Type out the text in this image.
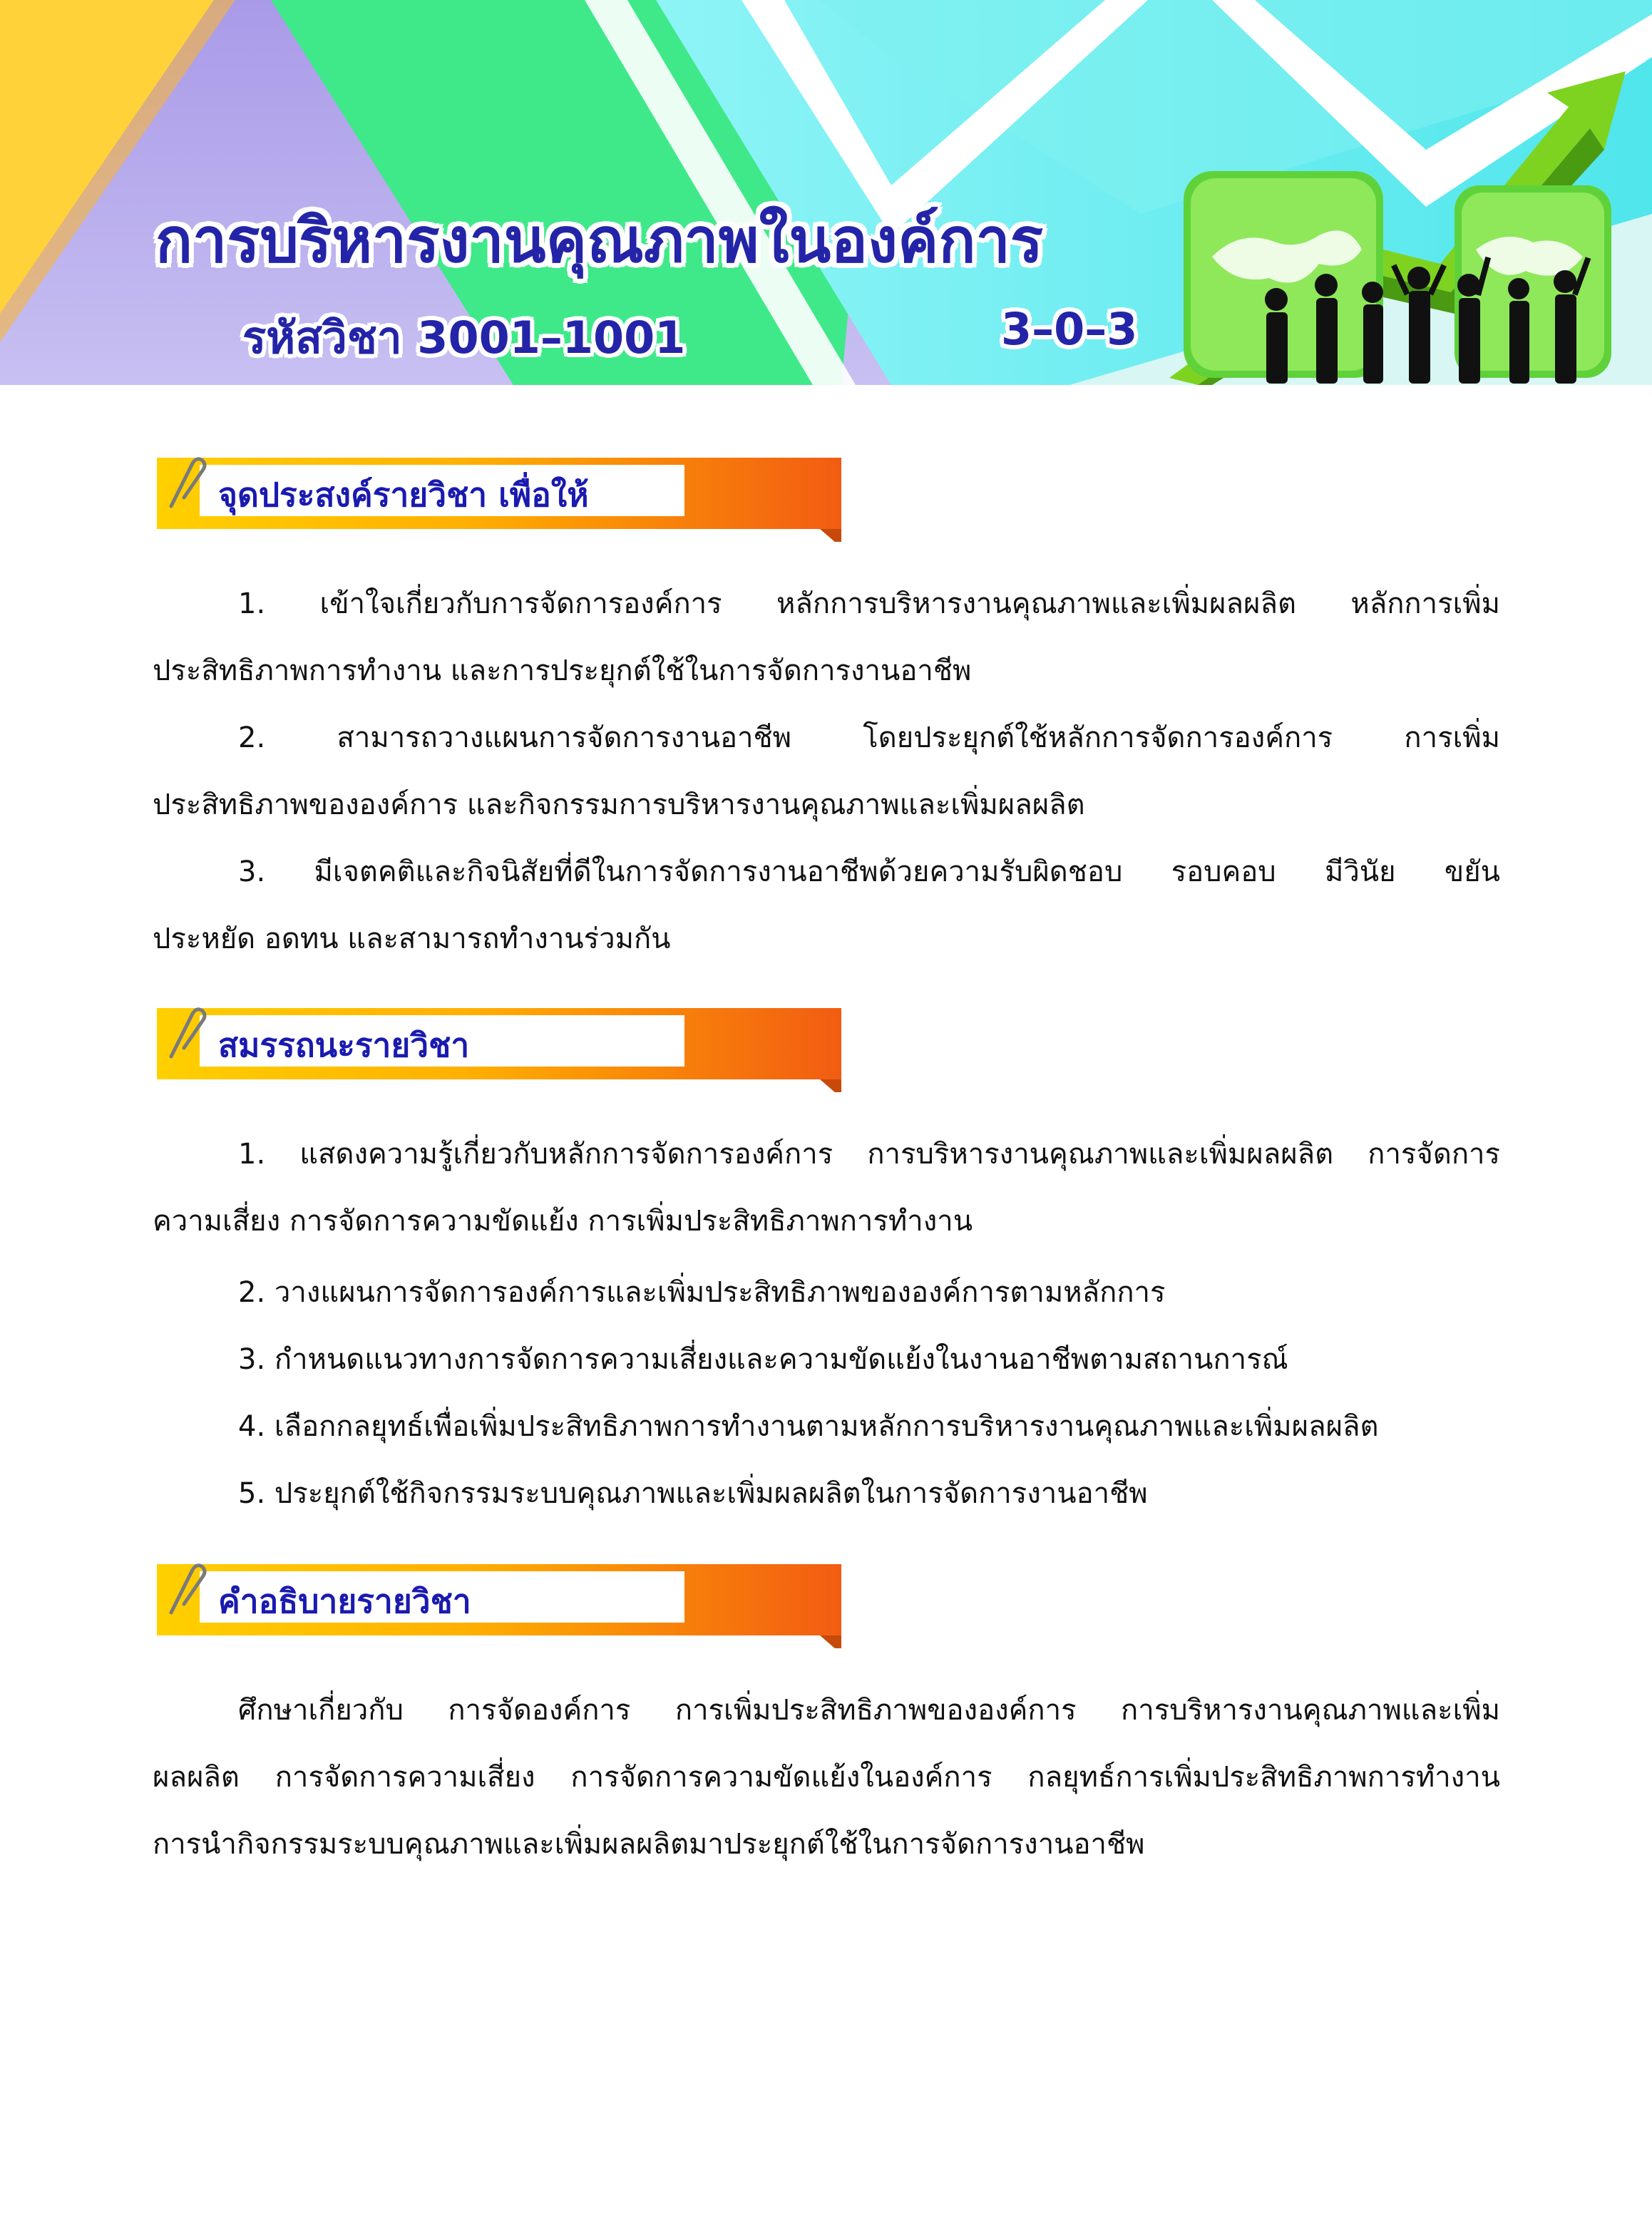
การบริหารงานคุณภาพในองค์การ
รหัสวิชา 3001–1001	3–0–3
จุดประสงค์รายวิชา เพื่อให้
1. เข้าใจเกี่ยวกับการจัดการองค์การ หลักการบริหารงานคุณภาพและเพิ่มผลผลิต หลักการเพิ่ม
ประสิทธิภาพการทำงาน และการประยุกต์ใช้ในการจัดการงานอาชีพ
2. สามารถวางแผนการจัดการงานอาชีพ โดยประยุกต์ใช้หลักการจัดการองค์การ การเพิ่ม
ประสิทธิภาพขององค์การ และกิจกรรมการบริหารงานคุณภาพและเพิ่มผลผลิต
3. มีเจตคติและกิจนิสัยที่ดีในการจัดการงานอาชีพด้วยความรับผิดชอบ รอบคอบ มีวินัย ขยัน
ประหยัด อดทน และสามารถทำงานร่วมกัน
สมรรถนะรายวิชา
1. แสดงความรู้เกี่ยวกับหลักการจัดการองค์การ การบริหารงานคุณภาพและเพิ่มผลผลิต การจัดการ
ความเสี่ยง การจัดการความขัดแย้ง การเพิ่มประสิทธิภาพการทำงาน
2. วางแผนการจัดการองค์การและเพิ่มประสิทธิภาพขององค์การตามหลักการ
3. กำหนดแนวทางการจัดการความเสี่ยงและความขัดแย้งในงานอาชีพตามสถานการณ์
4. เลือกกลยุทธ์เพื่อเพิ่มประสิทธิภาพการทำงานตามหลักการบริหารงานคุณภาพและเพิ่มผลผลิต
5. ประยุกต์ใช้กิจกรรมระบบคุณภาพและเพิ่มผลผลิตในการจัดการงานอาชีพ
คำอธิบายรายวิชา
ศึกษาเกี่ยวกับ การจัดองค์การ การเพิ่มประสิทธิภาพขององค์การ การบริหารงานคุณภาพและเพิ่ม
ผลผลิต การจัดการความเสี่ยง การจัดการความขัดแย้งในองค์การ กลยุทธ์การเพิ่มประสิทธิภาพการทำงาน
การนำกิจกรรมระบบคุณภาพและเพิ่มผลผลิตมาประยุกต์ใช้ในการจัดการงานอาชีพ
